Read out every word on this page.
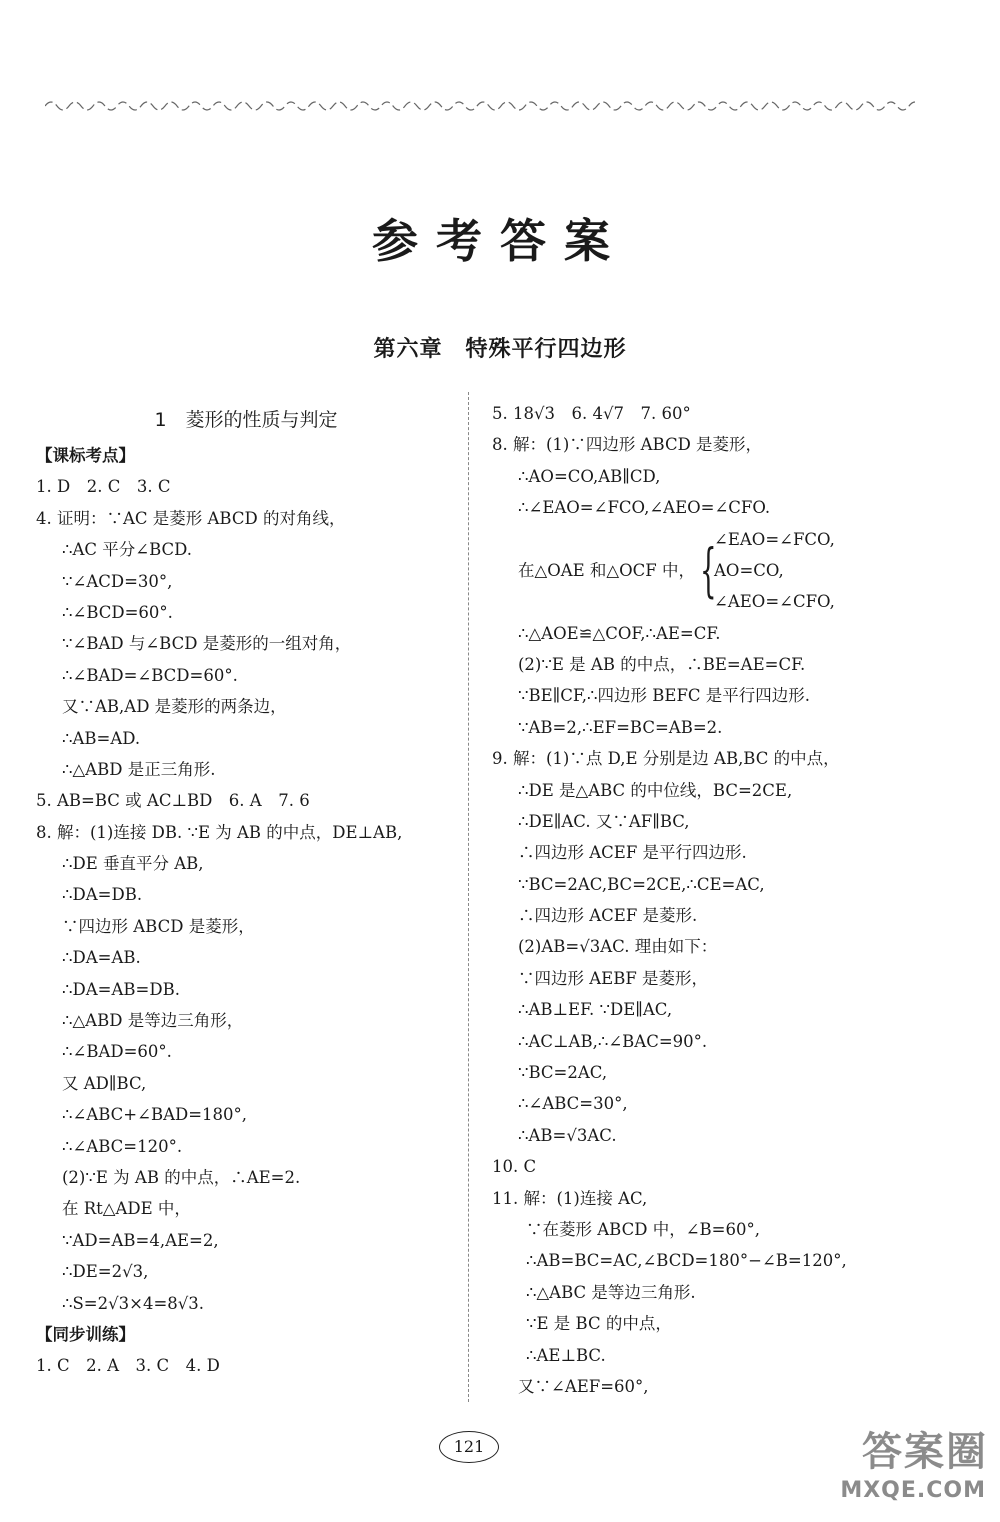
参考答案
第六章　特殊平行四边形
1　菱形的性质与判定
【课标考点】
1. D　2. C　3. C
4. 证明：∵AC 是菱形 ABCD 的对角线，
∴AC 平分∠BCD.
∵∠ACD=30°,
∴∠BCD=60°.
∵∠BAD 与∠BCD 是菱形的一组对角，
∴∠BAD=∠BCD=60°.
又∵AB,AD 是菱形的两条边，
∴AB=AD.
∴△ABD 是正三角形.
5. AB=BC 或 AC⊥BD　6. A　7. 6
8. 解：(1)连接 DB. ∵E 为 AB 的中点，DE⊥AB,
∴DE 垂直平分 AB,
∴DA=DB.
∵四边形 ABCD 是菱形，
∴DA=AB.
∴DA=AB=DB.
∴△ABD 是等边三角形，
∴∠BAD=60°.
又 AD∥BC,
∴∠ABC+∠BAD=180°,
∴∠ABC=120°.
(2)∵E 为 AB 的中点，∴AE=2.
在 Rt△ADE 中，
∵AD=AB=4,AE=2,
∴DE=2√3,
∴S=2√3×4=8√3.
【同步训练】
1. C　2. A　3. C　4. D
5. 18√3　6. 4√7　7. 60°
8. 解：(1)∵四边形 ABCD 是菱形，
∴AO=CO,AB∥CD,
∴∠EAO=∠FCO,∠AEO=∠CFO.
在△OAE 和△OCF 中， {
∠EAO=∠FCO,
AO=CO,
∠AEO=∠CFO,
∴△AOE≌△COF,∴AE=CF.
(2)∵E 是 AB 的中点，∴BE=AE=CF.
∵BE∥CF,∴四边形 BEFC 是平行四边形.
∵AB=2,∴EF=BC=AB=2.
9. 解：(1)∵点 D,E 分别是边 AB,BC 的中点，
∴DE 是△ABC 的中位线，BC=2CE,
∴DE∥AC. 又∵AF∥BC,
∴四边形 ACEF 是平行四边形.
∵BC=2AC,BC=2CE,∴CE=AC,
∴四边形 ACEF 是菱形.
(2)AB=√3AC. 理由如下：
∵四边形 AEBF 是菱形，
∴AB⊥EF. ∵DE∥AC,
∴AC⊥AB,∴∠BAC=90°.
∵BC=2AC,
∴∠ABC=30°,
∴AB=√3AC.
10. C
11. 解：(1)连接 AC,
∵在菱形 ABCD 中，∠B=60°,
∴AB=BC=AC,∠BCD=180°−∠B=120°,
∴△ABC 是等边三角形.
∵E 是 BC 的中点，
∴AE⊥BC.
又∵∠AEF=60°,
121	答案圈
MXQE.COM
